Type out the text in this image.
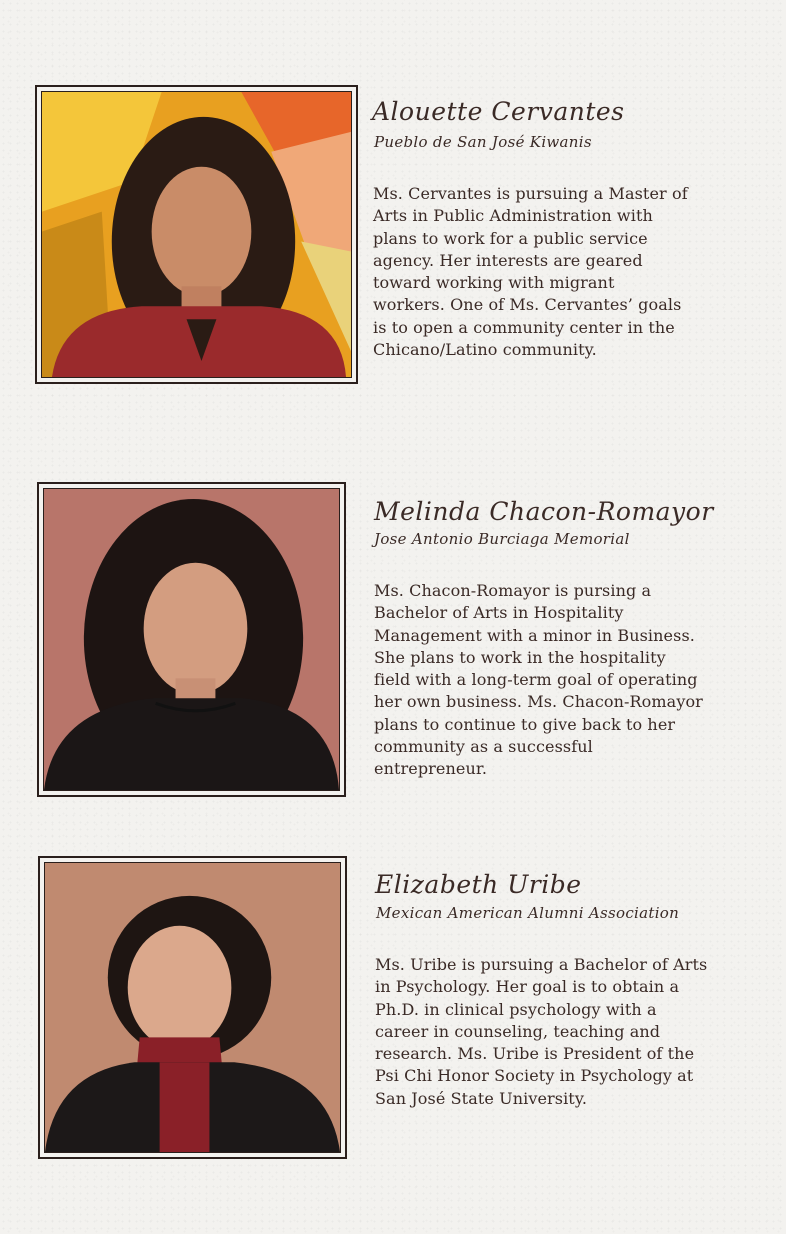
Alouette Cervantes

Pueblo de San José Kiwanis

Ms. Cervantes is pursuing a Master of
Arts in Public Administration with
plans to work for a public service
agency. Her interests are geared
toward working with migrant
workers. One of Ms. Cervantes’ goals
is to open a community center in the
Chicano/Latino community.

Melinda Chacon-Romayor

Jose Antonio Burciaga Memorial

Ms. Chacon-Romayor is pursing a
Bachelor of Arts in Hospitality
Management with a minor in Business.
She plans to work in the hospitality
field with a long-term goal of operating
her own business. Ms. Chacon-Romayor
plans to continue to give back to her
community as a successful
entrepreneur.

Elizabeth Uribe

Mexican American Alumni Association

Ms. Uribe is pursuing a Bachelor of Arts
in Psychology. Her goal is to obtain a
Ph.D. in clinical psychology with a
career in counseling, teaching and
research. Ms. Uribe is President of the
Psi Chi Honor Society in Psychology at
San José State University.
